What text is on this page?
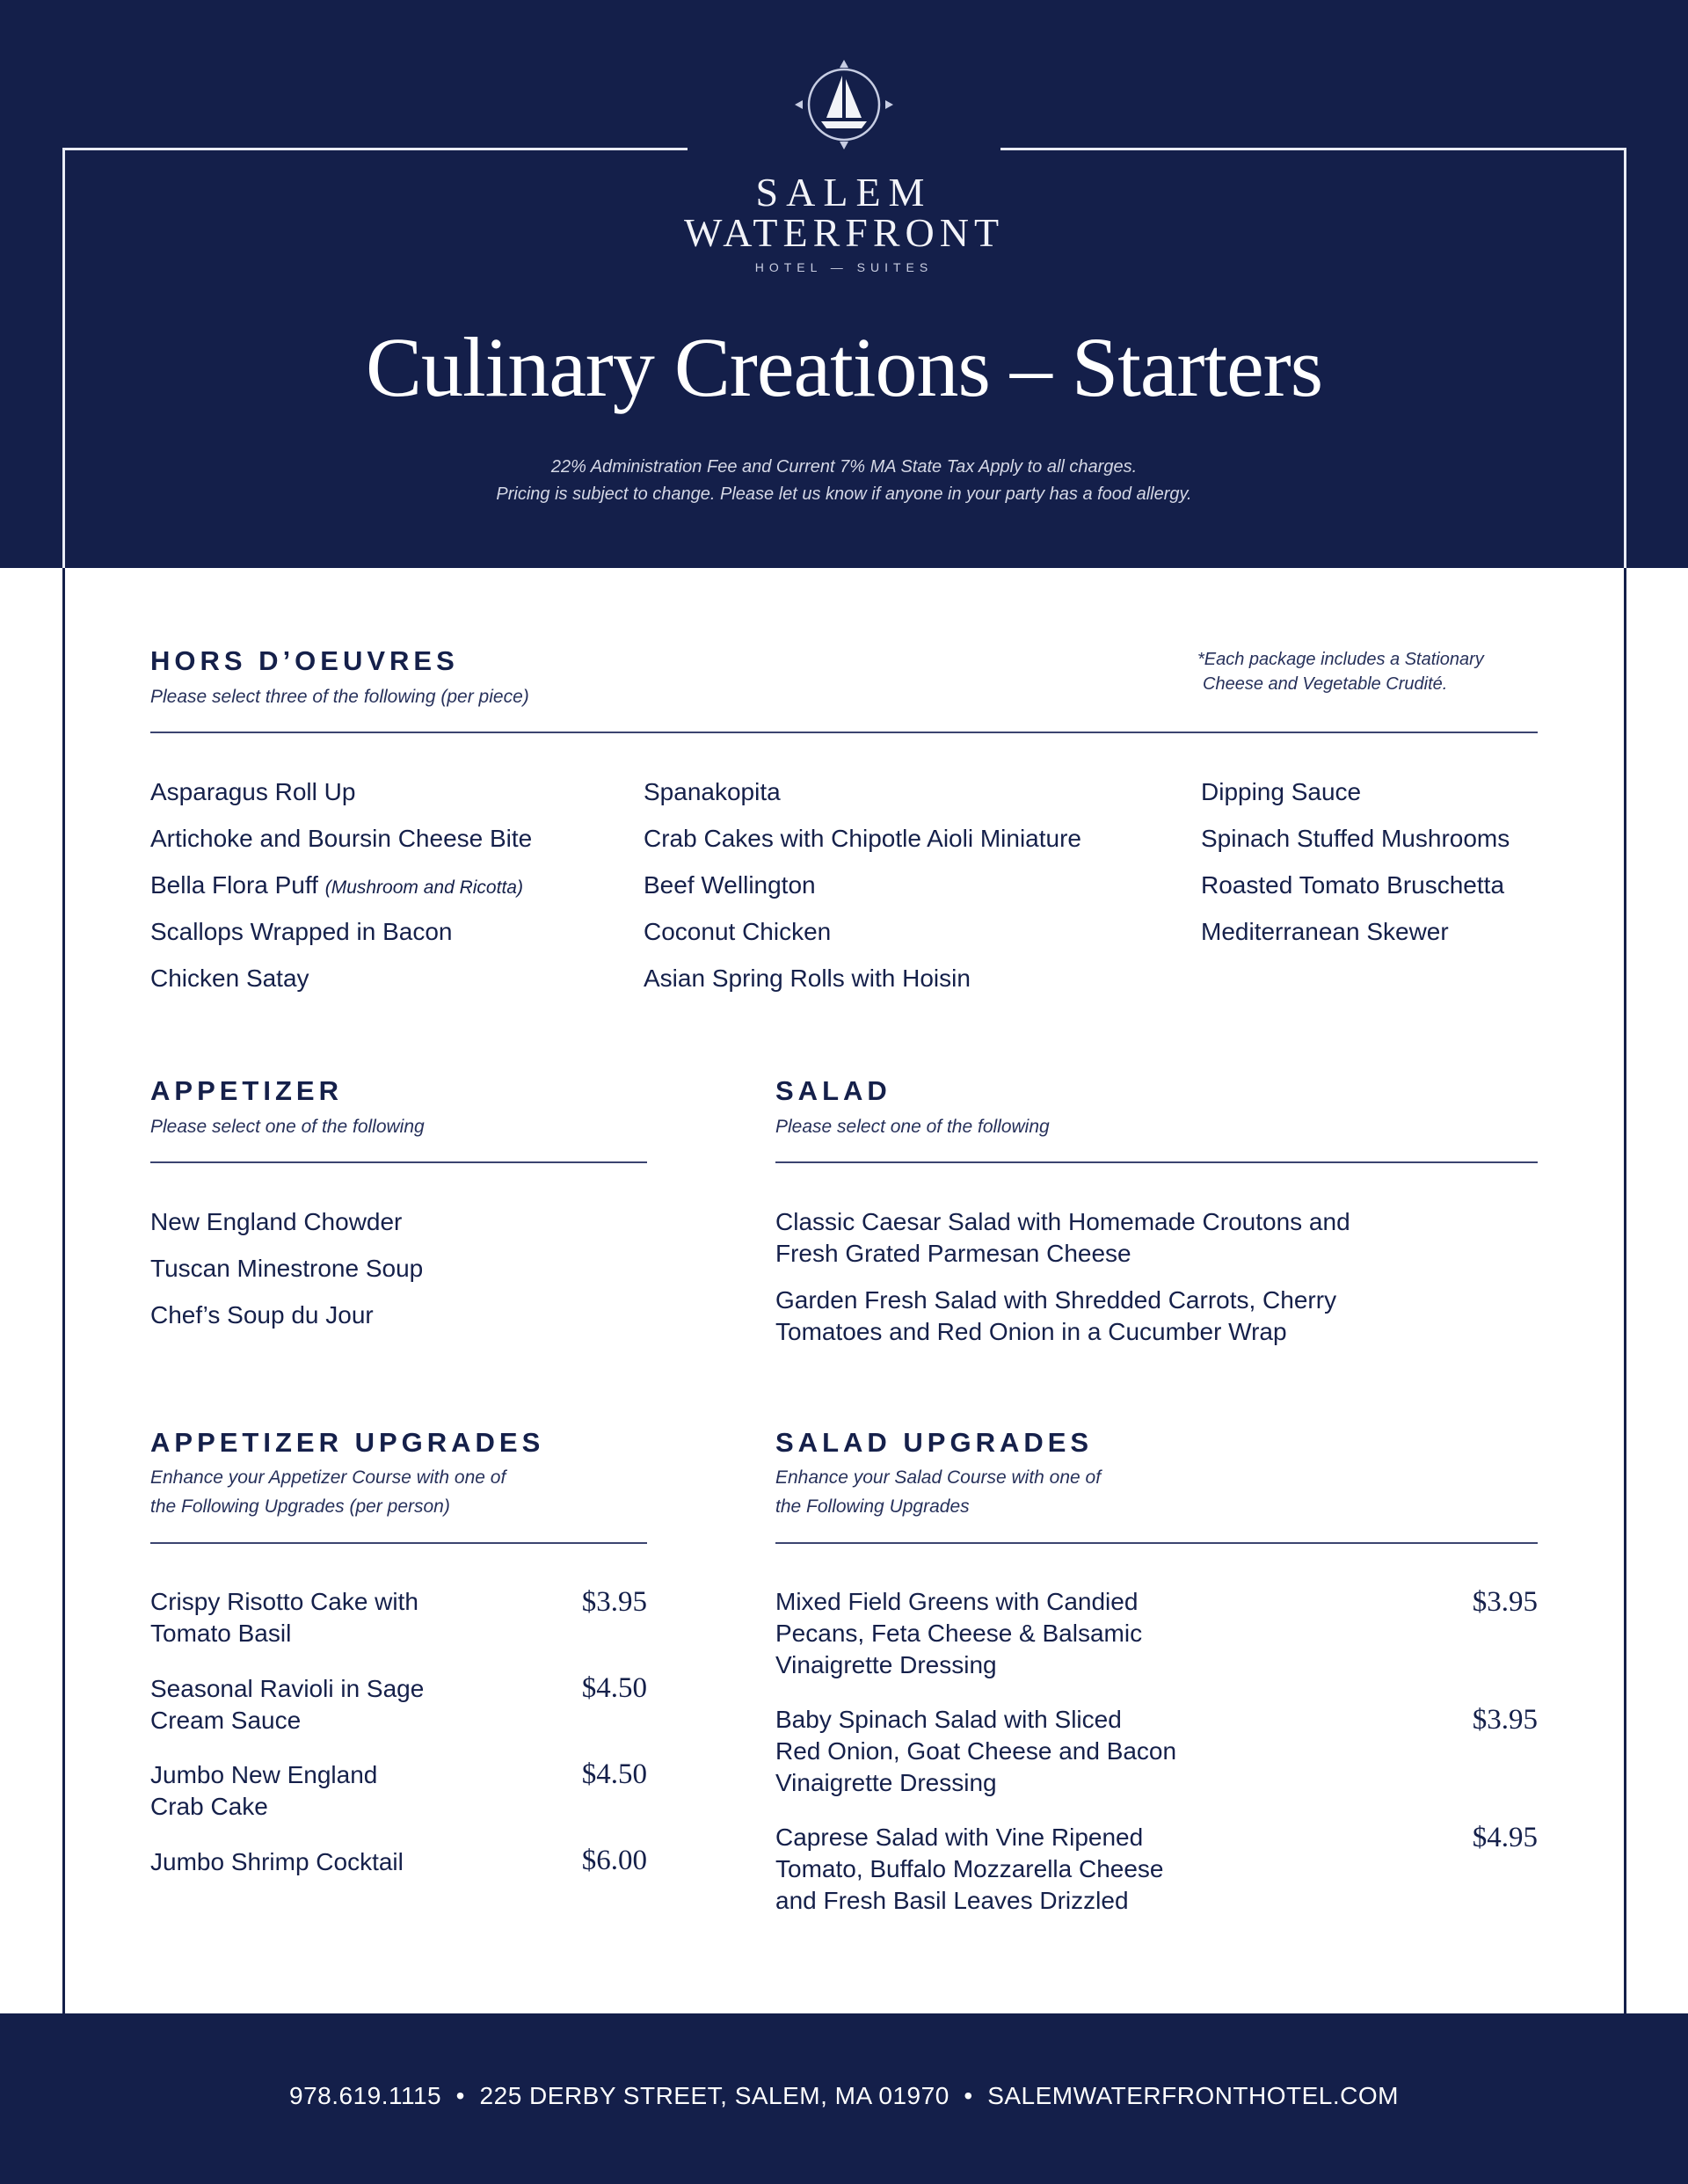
SALEM
WATERFRONT
HOTEL — SUITES
Culinary Creations – Starters
22% Administration Fee and Current 7% MA State Tax Apply to all charges.
Pricing is subject to change. Please let us know if anyone in your party has a food allergy.
HORS D’OEUVRES
Please select three of the following (per piece)
*Each package includes a Stationary
Cheese and Vegetable Crudité.
Asparagus Roll Up
Artichoke and Boursin Cheese Bite
Bella Flora Puff (Mushroom and Ricotta)
Scallops Wrapped in Bacon
Chicken Satay
Spanakopita
Crab Cakes with Chipotle Aioli Miniature
Beef Wellington
Coconut Chicken
Asian Spring Rolls with Hoisin
Dipping Sauce
Spinach Stuffed Mushrooms
Roasted Tomato Bruschetta
Mediterranean Skewer
APPETIZER
Please select one of the following
New England Chowder
Tuscan Minestrone Soup
Chef’s Soup du Jour
SALAD
Please select one of the following
Classic Caesar Salad with Homemade Croutons and
Fresh Grated Parmesan Cheese
Garden Fresh Salad with Shredded Carrots, Cherry
Tomatoes and Red Onion in a Cucumber Wrap
APPETIZER UPGRADES
Enhance your Appetizer Course with one of
the Following Upgrades (per person)
Crispy Risotto Cake with
Tomato Basil
$3.95
Seasonal Ravioli in Sage
Cream Sauce
$4.50
Jumbo New England
Crab Cake
$4.50
Jumbo Shrimp Cocktail	$6.00
SALAD UPGRADES
Enhance your Salad Course with one of
the Following Upgrades
Mixed Field Greens with Candied
Pecans, Feta Cheese & Balsamic
Vinaigrette Dressing
$3.95
Baby Spinach Salad with Sliced
Red Onion, Goat Cheese and Bacon
Vinaigrette Dressing
$3.95
Caprese Salad with Vine Ripened
Tomato, Buffalo Mozzarella Cheese
and Fresh Basil Leaves Drizzled
$4.95
978.619.1115  •  225 DERBY STREET, SALEM, MA 01970  •  SALEMWATERFRONTHOTEL.COM
